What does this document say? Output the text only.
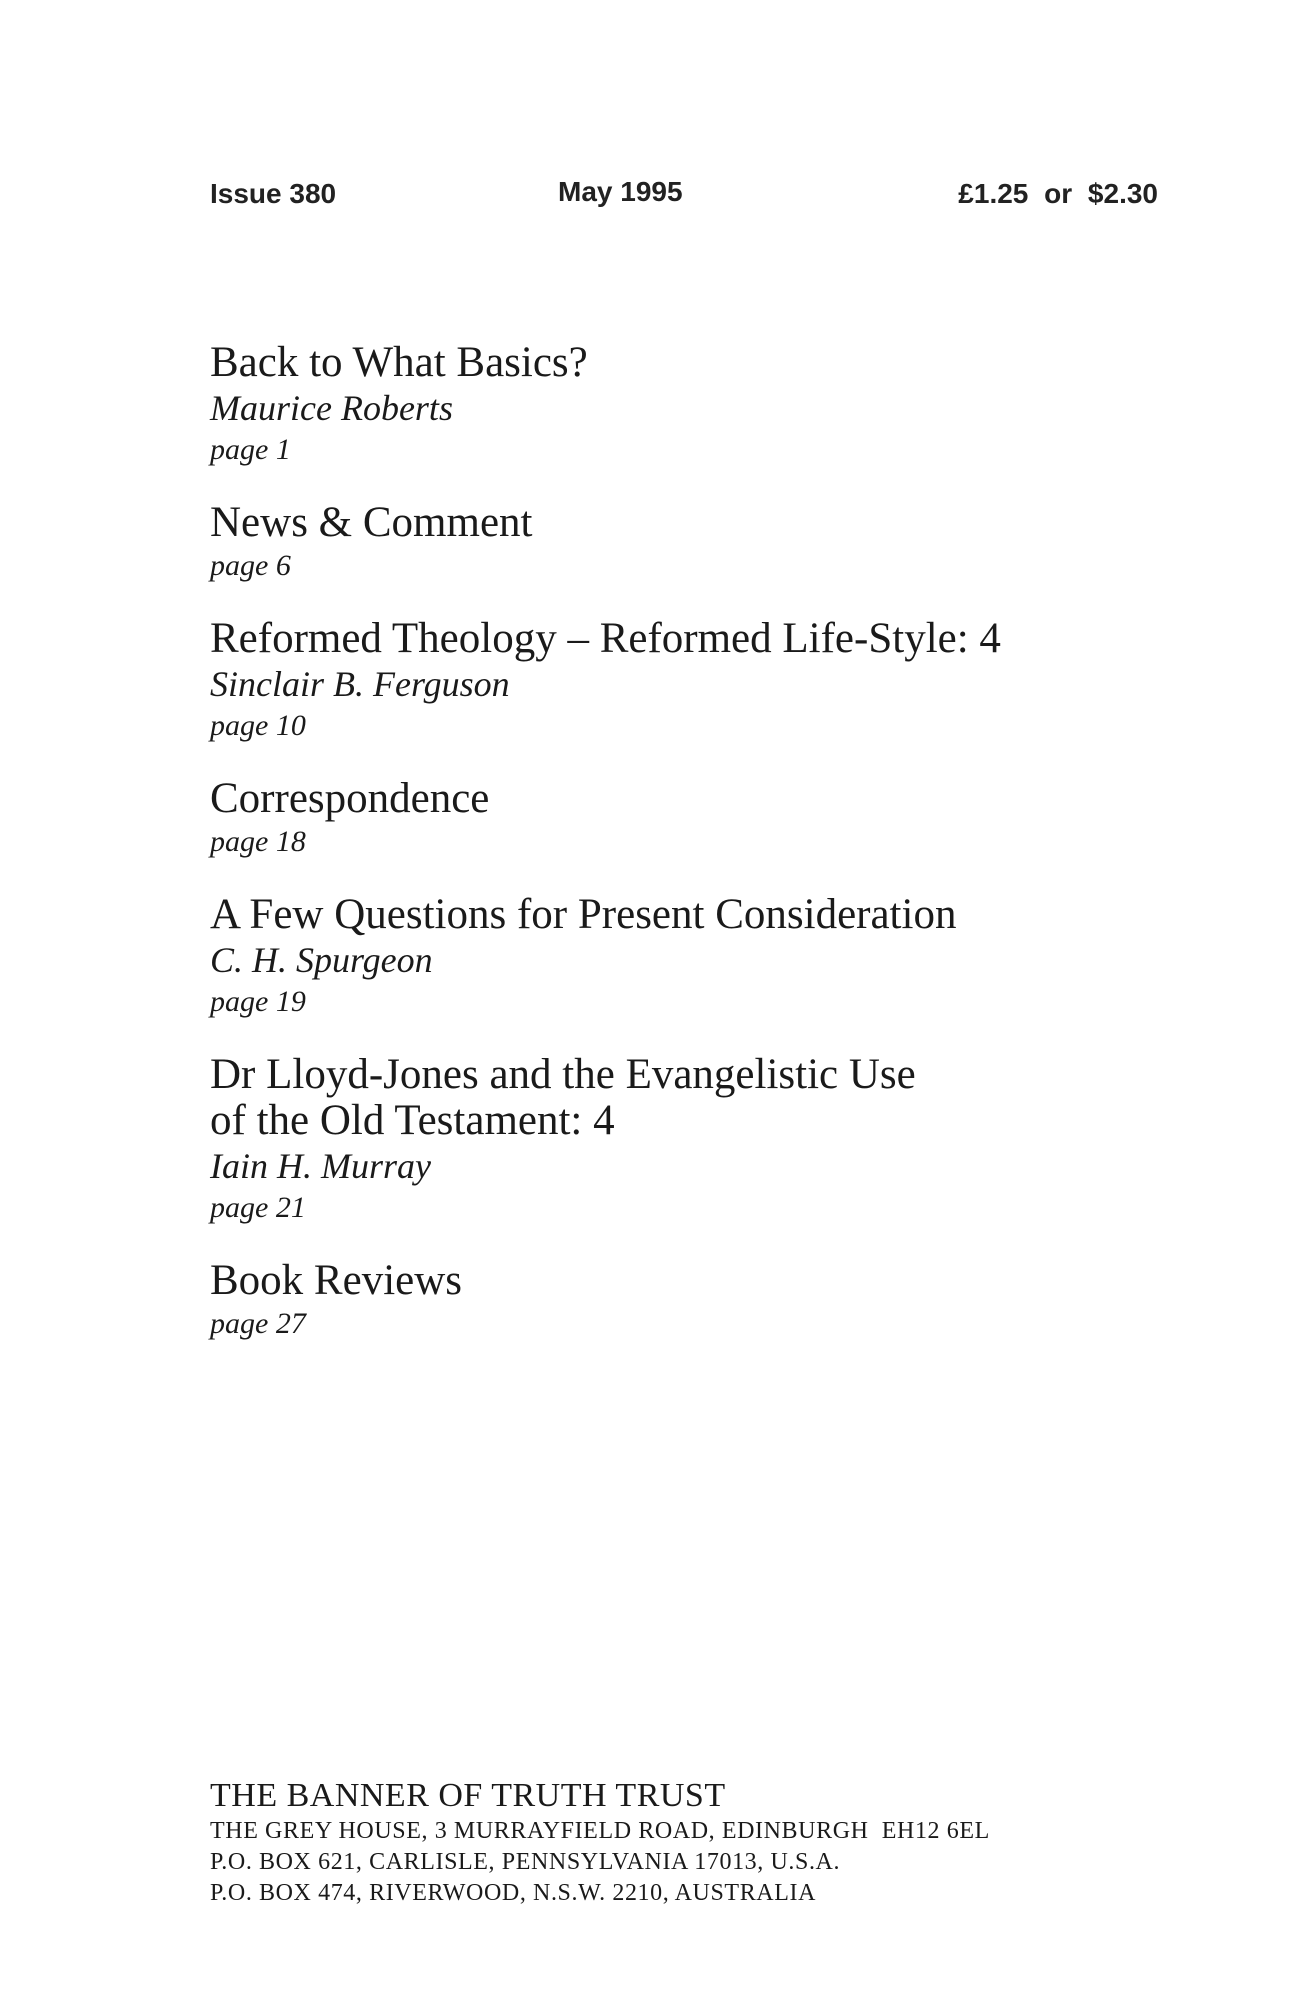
Issue 380	May 1995	£1.25 or $2.30
Back to What Basics?
Maurice Roberts
page 1
News & Comment
page 6
Reformed Theology – Reformed Life-Style: 4
Sinclair B. Ferguson
page 10
Correspondence
page 18
A Few Questions for Present Consideration
C. H. Spurgeon
page 19
Dr Lloyd-Jones and the Evangelistic Use
of the Old Testament: 4
Iain H. Murray
page 21
Book Reviews
page 27
THE BANNER OF TRUTH TRUST
THE GREY HOUSE, 3 MURRAYFIELD ROAD, EDINBURGH  EH12 6EL
P.O. BOX 621, CARLISLE, PENNSYLVANIA 17013, U.S.A.
P.O. BOX 474, RIVERWOOD, N.S.W. 2210, AUSTRALIA
